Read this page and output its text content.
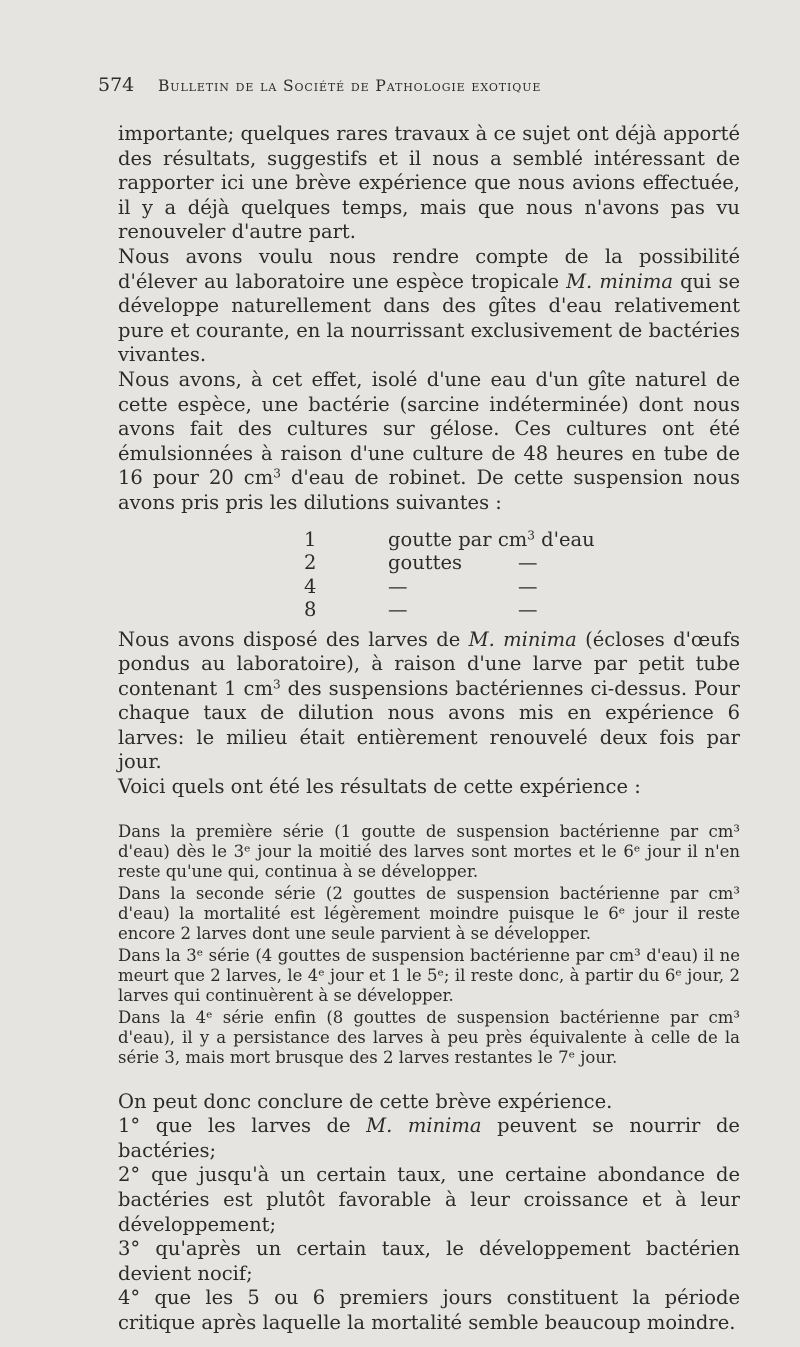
574	Bulletin de la Société de Pathologie exotique

importante; quelques rares travaux à ce sujet ont déjà apporté des résultats, suggestifs et il nous a semblé intéressant de rapporter ici une brève expérience que nous avions effectuée, il y a déjà quelques temps, mais que nous n'avons pas vu renouveler d'autre part.

Nous avons voulu nous rendre compte de la possibilité d'élever au laboratoire une espèce tropicale M. minima qui se développe naturellement dans des gîtes d'eau relativement pure et courante, en la nourrissant exclusivement de bactéries vivantes.

Nous avons, à cet effet, isolé d'une eau d'un gîte naturel de cette espèce, une bactérie (sarcine indéterminée) dont nous avons fait des cultures sur gélose. Ces cultures ont été émulsionnées à raison d'une culture de 48 heures en tube de 16 pour 20 $cm^3$ d'eau de robinet. De cette suspension nous avons pris pris les dilutions suivantes :

1	goutte par $cm^3$ d'eau
2	gouttes	—
4	—	—
8	—	—

Nous avons disposé des larves de M. minima (écloses d'œufs pondus au laboratoire), à raison d'une larve par petit tube contenant 1 $cm^3$ des suspensions bactériennes ci-dessus. Pour chaque taux de dilution nous avons mis en expérience 6 larves: le milieu était entièrement renouvelé deux fois par jour.

Voici quels ont été les résultats de cette expérience :

Dans la première série (1 goutte de suspension bactérienne par cm³ d'eau) dès le 3ᵉ jour la moitié des larves sont mortes et le 6ᵉ jour il n'en reste qu'une qui, continua à se développer.

Dans la seconde série (2 gouttes de suspension bactérienne par cm³ d'eau) la mortalité est légèrement moindre puisque le 6ᵉ jour il reste encore 2 larves dont une seule parvient à se développer.

Dans la 3ᵉ série (4 gouttes de suspension bactérienne par cm³ d'eau) il ne meurt que 2 larves, le 4ᵉ jour et 1 le 5ᵉ; il reste donc, à partir du 6ᵉ jour, 2 larves qui continuèrent à se développer.

Dans la 4ᵉ série enfin (8 gouttes de suspension bactérienne par cm³ d'eau), il y a persistance des larves à peu près équivalente à celle de la série 3, mais mort brusque des 2 larves restantes le 7ᵉ jour.

On peut donc conclure de cette brève expérience.

1° que les larves de M. minima peuvent se nourrir de bactéries;

2° que jusqu'à un certain taux, une certaine abondance de bactéries est plutôt favorable à leur croissance et à leur développement;

3° qu'après un certain taux, le développement bactérien devient nocif;

4° que les 5 ou 6 premiers jours constituent la période critique après laquelle la mortalité semble beaucoup moindre.
